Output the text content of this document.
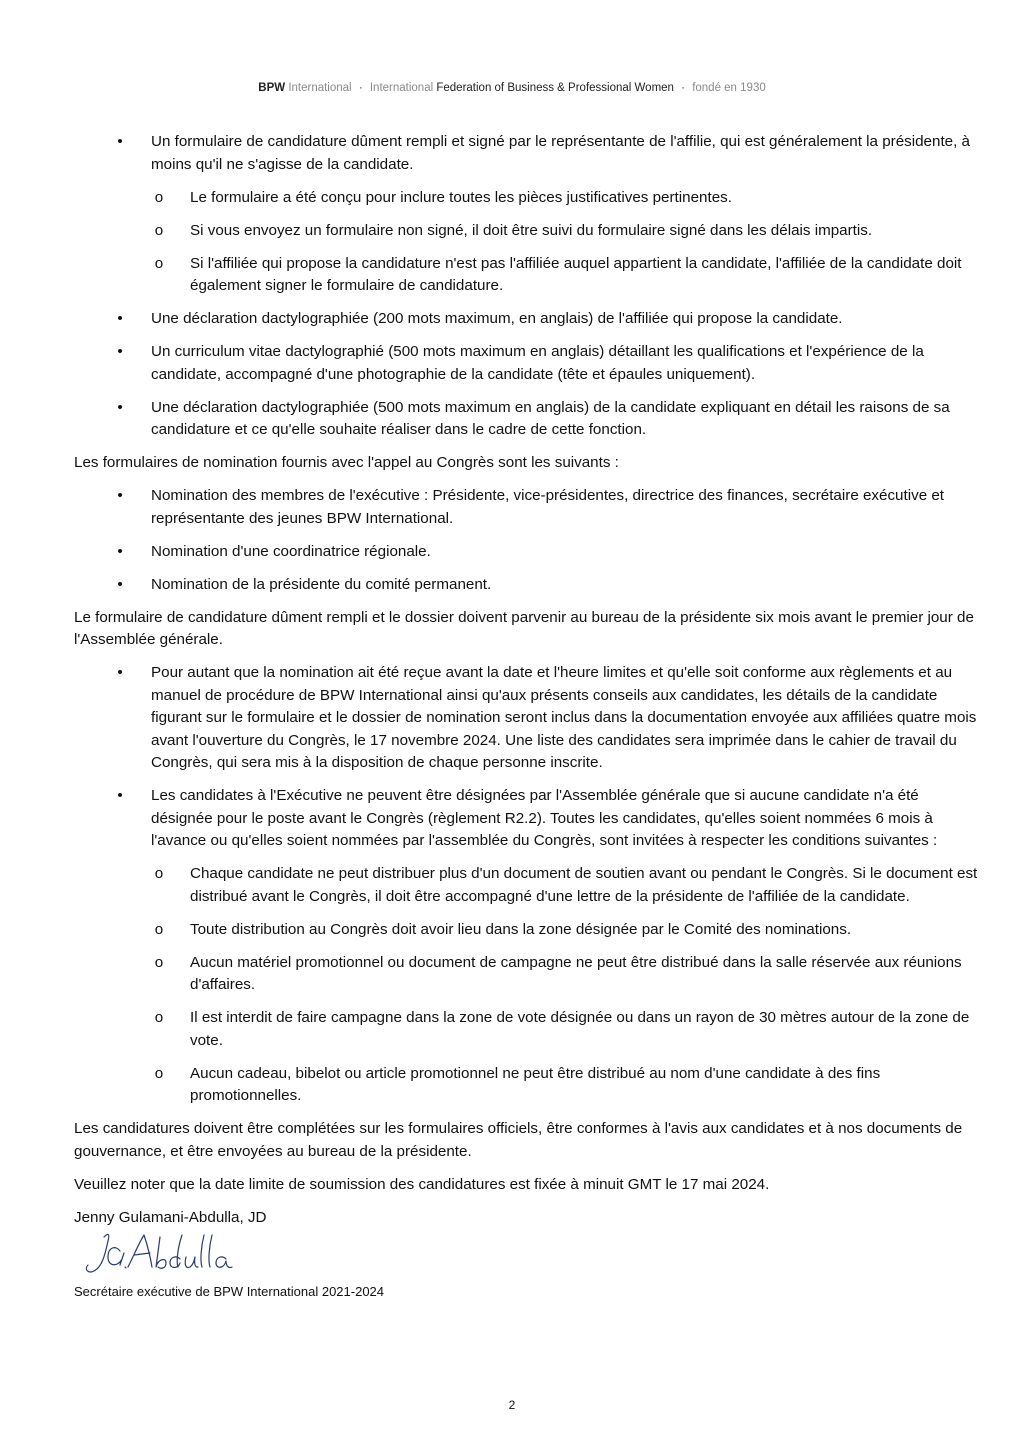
BPW International · International Federation of Business & Professional Women · fondé en 1930
•	Un formulaire de candidature dûment rempli et signé par le représentante de l'affilie, qui est généralement la présidente, à moins qu'il ne s'agisse de la candidate.
o Le formulaire a été conçu pour inclure toutes les pièces justificatives pertinentes.
o Si vous envoyez un formulaire non signé, il doit être suivi du formulaire signé dans les délais impartis.
o Si l'affiliée qui propose la candidature n'est pas l'affiliée auquel appartient la candidate, l'affiliée de la candidate doit également signer le formulaire de candidature.
•	Une déclaration dactylographiée (200 mots maximum, en anglais) de l'affiliée qui propose la candidate.
•	Un curriculum vitae dactylographié (500 mots maximum en anglais) détaillant les qualifications et l'expérience de la candidate, accompagné d'une photographie de la candidate (tête et épaules uniquement).
•	Une déclaration dactylographiée (500 mots maximum en anglais) de la candidate expliquant en détail les raisons de sa candidature et ce qu'elle souhaite réaliser dans le cadre de cette fonction.

Les formulaires de nomination fournis avec l'appel au Congrès sont les suivants :

•	Nomination des membres de l'exécutive : Présidente, vice-présidentes, directrice des finances, secrétaire exécutive et représentante des jeunes BPW International.
•	Nomination d'une coordinatrice régionale.
•	Nomination de la présidente du comité permanent.

Le formulaire de candidature dûment rempli et le dossier doivent parvenir au bureau de la présidente six mois avant le premier jour de l'Assemblée générale.

•	Pour autant que la nomination ait été reçue avant la date et l'heure limites et qu'elle soit conforme aux règlements et au manuel de procédure de BPW International ainsi qu'aux présents conseils aux candidates, les détails de la candidate figurant sur le formulaire et le dossier de nomination seront inclus dans la documentation envoyée aux affiliées quatre mois avant l'ouverture du Congrès, le 17 novembre 2024. Une liste des candidates sera imprimée dans le cahier de travail du Congrès, qui sera mis à la disposition de chaque personne inscrite.
•	Les candidates à l'Exécutive ne peuvent être désignées par l'Assemblée générale que si aucune candidate n'a été désignée pour le poste avant le Congrès (règlement R2.2). Toutes les candidates, qu'elles soient nommées 6 mois à l'avance ou qu'elles soient nommées par l'assemblée du Congrès, sont invitées à respecter les conditions suivantes :
o Chaque candidate ne peut distribuer plus d'un document de soutien avant ou pendant le Congrès. Si le document est distribué avant le Congrès, il doit être accompagné d'une lettre de la présidente de l'affiliée de la candidate.
o Toute distribution au Congrès doit avoir lieu dans la zone désignée par le Comité des nominations.
o Aucun matériel promotionnel ou document de campagne ne peut être distribué dans la salle réservée aux réunions d'affaires.
o Il est interdit de faire campagne dans la zone de vote désignée ou dans un rayon de 30 mètres autour de la zone de vote.
o Aucun cadeau, bibelot ou article promotionnel ne peut être distribué au nom d'une candidate à des fins promotionnelles.

Les candidatures doivent être complétées sur les formulaires officiels, être conformes à l'avis aux candidates et à nos documents de gouvernance, et être envoyées au bureau de la présidente.

Veuillez noter que la date limite de soumission des candidatures est fixée à minuit GMT le 17 mai 2024.

Jenny Gulamani-Abdulla, JD

Secrétaire exécutive de BPW International 2021-2024

2
